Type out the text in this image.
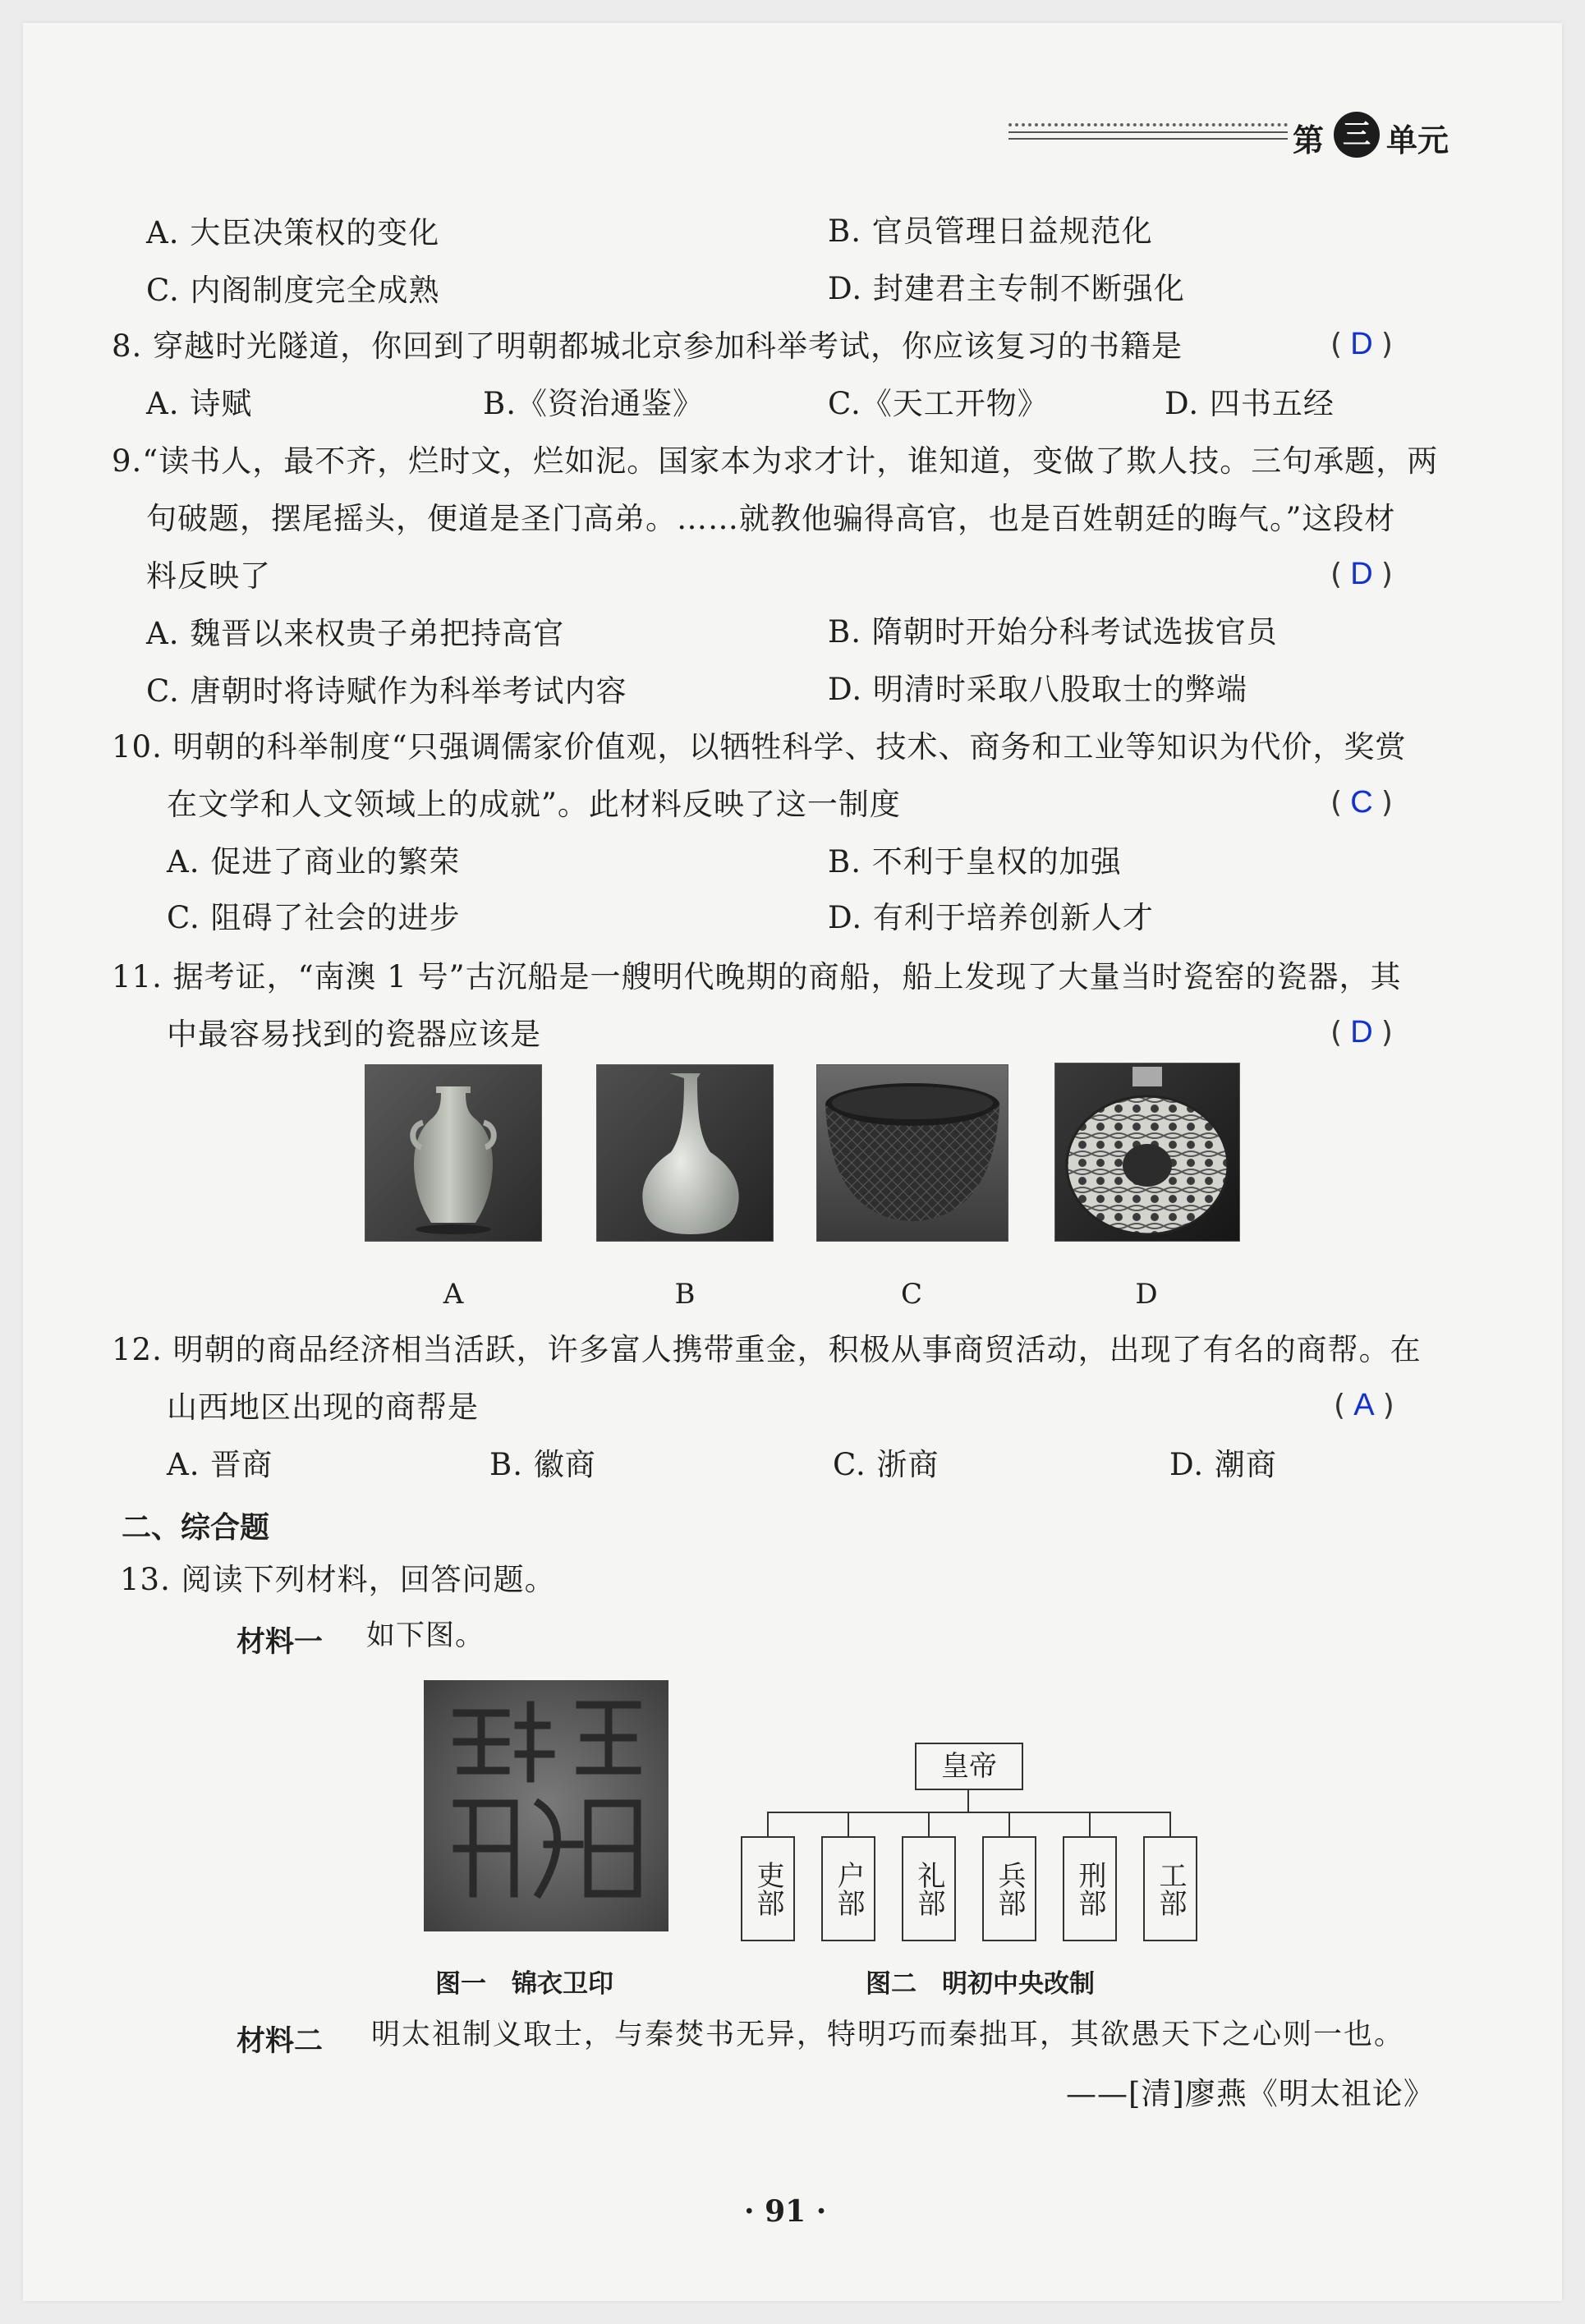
第 三 单元
A. 大臣决策权的变化	B. 官员管理日益规范化
C. 内阁制度完全成熟	D. 封建君主专制不断强化
8. 穿越时光隧道，你回到了明朝都城北京参加科举考试，你应该复习的书籍是	( D )
A. 诗赋	B.《资治通鉴》	C.《天工开物》	D. 四书五经
9.“读书人，最不齐，烂时文，烂如泥。国家本为求才计，谁知道，变做了欺人技。三句承题，两
句破题，摆尾摇头，便道是圣门高弟。……就教他骗得高官，也是百姓朝廷的晦气。”这段材
料反映了	( D )
A. 魏晋以来权贵子弟把持高官	B. 隋朝时开始分科考试选拔官员
C. 唐朝时将诗赋作为科举考试内容	D. 明清时采取八股取士的弊端
10. 明朝的科举制度“只强调儒家价值观，以牺牲科学、技术、商务和工业等知识为代价，奖赏
在文学和人文领域上的成就”。此材料反映了这一制度	( C )
A. 促进了商业的繁荣	B. 不利于皇权的加强
C. 阻碍了社会的进步	D. 有利于培养创新人才
11. 据考证，“南澳 1 号”古沉船是一艘明代晚期的商船，船上发现了大量当时瓷窑的瓷器，其
中最容易找到的瓷器应该是	( D )
A	B	C	D
12. 明朝的商品经济相当活跃，许多富人携带重金，积极从事商贸活动，出现了有名的商帮。在
山西地区出现的商帮是	( A )
A. 晋商	B. 徽商	C. 浙商	D. 潮商
二、综合题
13. 阅读下列材料，回答问题。
材料一 如下图。
皇帝
吏部	户部	礼部	兵部	刑部	工部
图一　锦衣卫印	图二　明初中央改制
材料二 明太祖制义取士，与秦焚书无异，特明巧而秦拙耳，其欲愚天下之心则一也。
——[清]廖燕《明太祖论》
· 91 ·
